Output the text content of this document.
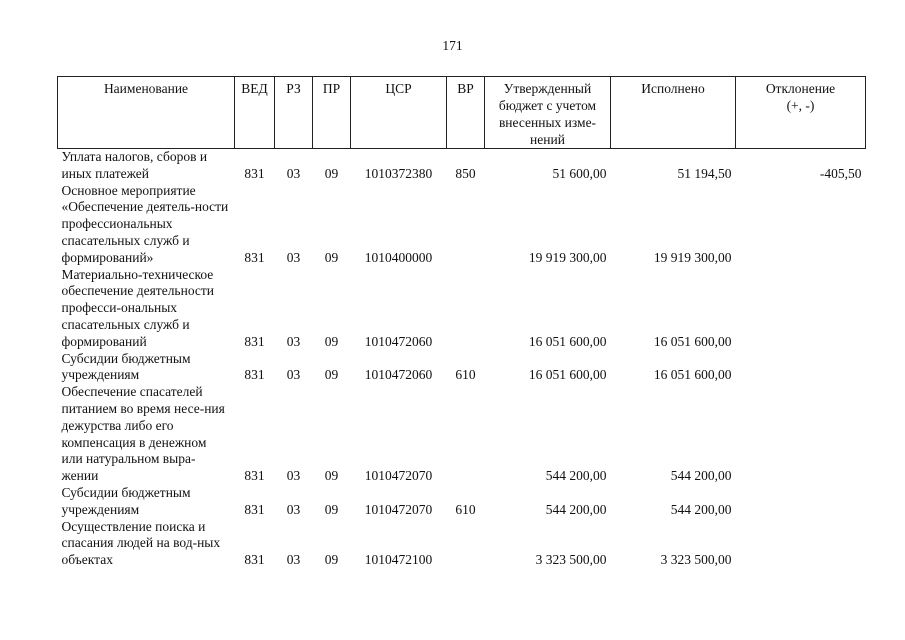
171
Наименование	ВЕД	РЗ	ПР	ЦСР	ВР	Утвержденный бюджет с учетом внесенных изме-нений	Исполнено	Отклонение (+, -)
Уплата налогов, сборов и иных платежей	831	03	09	1010372380	850	51 600,00	51 194,50	-405,50
Основное мероприятие «Обеспечение деятель-ности профессиональных спасательных служб и формирований»	831	03	09	1010400000		19 919 300,00	19 919 300,00	
Материально-техническое обеспечение деятельности професси-ональных спасательных служб и формирований	831	03	09	1010472060		16 051 600,00	16 051 600,00	
Субсидии бюджетным учреждениям	831	03	09	1010472060	610	16 051 600,00	16 051 600,00	
Обеспечение спасателей питанием во время несе-ния дежурства либо его компенсация в денежном или натуральном выра-жении	831	03	09	1010472070		544 200,00	544 200,00	
Субсидии бюджетным учреждениям	831	03	09	1010472070	610	544 200,00	544 200,00	
Осуществление поиска и спасания людей на вод-ных объектах	831	03	09	1010472100		3 323 500,00	3 323 500,00	
